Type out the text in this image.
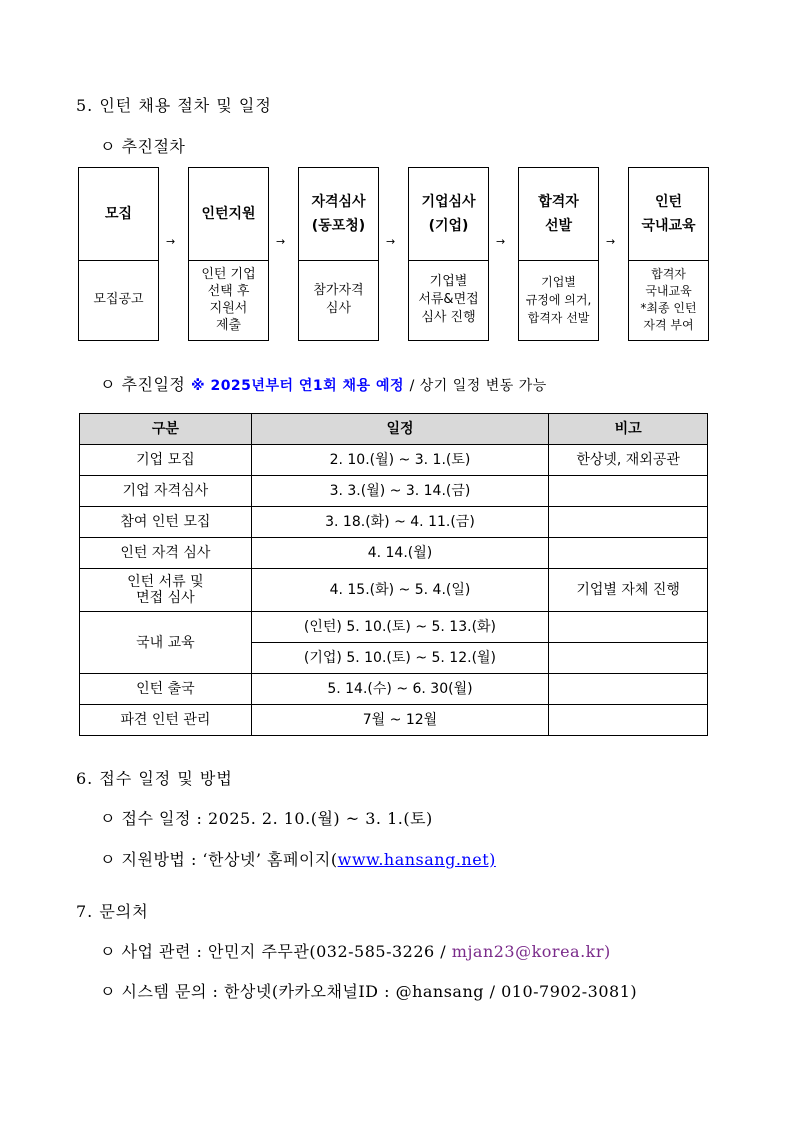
5. 인턴 채용 절차 및 일정
ㅇ 추진절차
모집
모집공고
→
인턴지원
인턴 기업
선택 후
지원서
제출
→
자격심사
(동포청)
참가자격
심사
→
기업심사
(기업)
기업별
서류&면접
심사 진행
→
합격자
선발
기업별
규정에 의거,
합격자 선발
→
인턴
국내교육
합격자
국내교육
*최종 인턴
자격 부여
ㅇ 추진일정 ※ 2025년부터 연1회 채용 예정 / 상기 일정 변동 가능
구분	일정	비고
기업 모집	2. 10.(월) ~ 3. 1.(토)	한상넷, 재외공관
기업 자격심사	3. 3.(월) ~ 3. 14.(금)	
참여 인턴 모집	3. 18.(화) ~ 4. 11.(금)	
인턴 자격 심사	4. 14.(월)	
인턴 서류 및
면접 심사	4. 15.(화) ~ 5. 4.(일)	기업별 자체 진행
국내 교육	(인턴) 5. 10.(토) ~ 5. 13.(화)	
	(기업) 5. 10.(토) ~ 5. 12.(월)	
인턴 출국	5. 14.(수) ~ 6. 30(월)	
파견 인턴 관리	7월 ~ 12월	
6. 접수 일정 및 방법
ㅇ 접수 일정 : 2025. 2. 10.(월) ~ 3. 1.(토)
ㅇ 지원방법 : ‘한상넷’ 홈페이지(www.hansang.net)
7. 문의처
ㅇ 사업 관련 : 안민지 주무관(032-585-3226 / mjan23@korea.kr)
ㅇ 시스템 문의 : 한상넷(카카오채널ID : @hansang / 010-7902-3081)
